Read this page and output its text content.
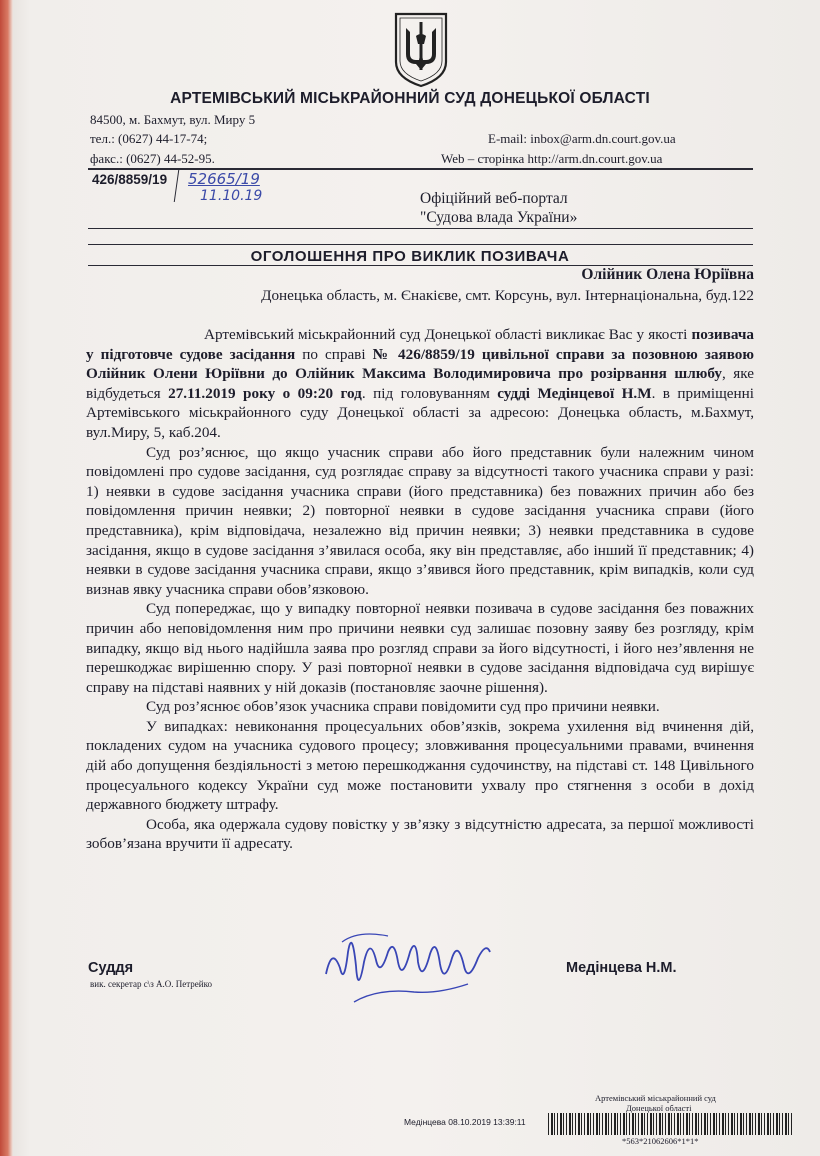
АРТЕМІВСЬКИЙ МІСЬКРАЙОННИЙ СУД ДОНЕЦЬКОЇ ОБЛАСТІ
84500, м. Бахмут, вул. Миру 5
тел.: (0627) 44-17-74;
факс.: (0627) 44-52-95.
E-mail: inbox@arm.dn.court.gov.ua
Web – сторінка http://arm.dn.court.gov.ua
426/8859/19 52665/19
11.10.19	Офіційний веб-портал
"Судова влада України»
ОГОЛОШЕННЯ ПРО ВИКЛИК ПОЗИВАЧА
Олійник Олена Юріївна
Донецька область, м. Єнакієве, смт. Корсунь, вул. Інтернаціональна, буд.122

Артемівський міськрайонний суд Донецької області викликає Вас у якості позивача у підготовче судове засідання по справі № 426/8859/19 цивільної справи за позовною заявою Олійник Олени Юріївни до Олійник Максима Володимировича про розірвання шлюбу, яке відбудеться 27.11.2019 року о 09:20 год. під головуванням судді Медінцевої Н.М. в приміщенні Артемівського міськрайонного суду Донецької області за адресою: Донецька область, м.Бахмут, вул.Миру, 5, каб.204.

Суд роз’яснює, що якщо учасник справи або його представник були належним чином повідомлені про судове засідання, суд розглядає справу за відсутності такого учасника справи у разі: 1) неявки в судове засідання учасника справи (його представника) без поважних причин або без повідомлення причин неявки; 2) повторної неявки в судове засідання учасника справи (його представника), крім відповідача, незалежно від причин неявки; 3) неявки представника в судове засідання, якщо в судове засідання з’явилася особа, яку він представляє, або інший її представник; 4) неявки в судове засідання учасника справи, якщо з’явився його представник, крім випадків, коли суд визнав явку учасника справи обов’язковою.

Суд попереджає, що у випадку повторної неявки позивача в судове засідання без поважних причин або неповідомлення ним про причини неявки суд залишає позовну заяву без розгляду, крім випадку, якщо від нього надійшла заява про розгляд справи за його відсутності, і його нез’явлення не перешкоджає вирішенню спору. У разі повторної неявки в судове засідання відповідача суд вирішує справу на підставі наявних у ній доказів (постановляє заочне рішення).

Суд роз’яснює обов’язок учасника справи повідомити суд про причини неявки.

У випадках: невиконання процесуальних обов’язків, зокрема ухилення від вчинення дій, покладених судом на учасника судового процесу; зловживання процесуальними правами, вчинення дій або допущення бездіяльності з метою перешкоджання судочинству, на підставі ст. 148 Цивільного процесуального кодексу України суд може постановити ухвалу про стягнення з особи в дохід державного бюджету штрафу.

Особа, яка одержала судову повістку у зв’язку з відсутністю адресата, за першої можливості зобов’язана вручити її адресату.

Суддя
вик. секретар с\з А.О. Петрейко
Медінцева Н.М.
Артемівський міськрайонний суд
Донецької області
Медінцева 08.10.2019 13:39:11
*563*21062606*1*1*
